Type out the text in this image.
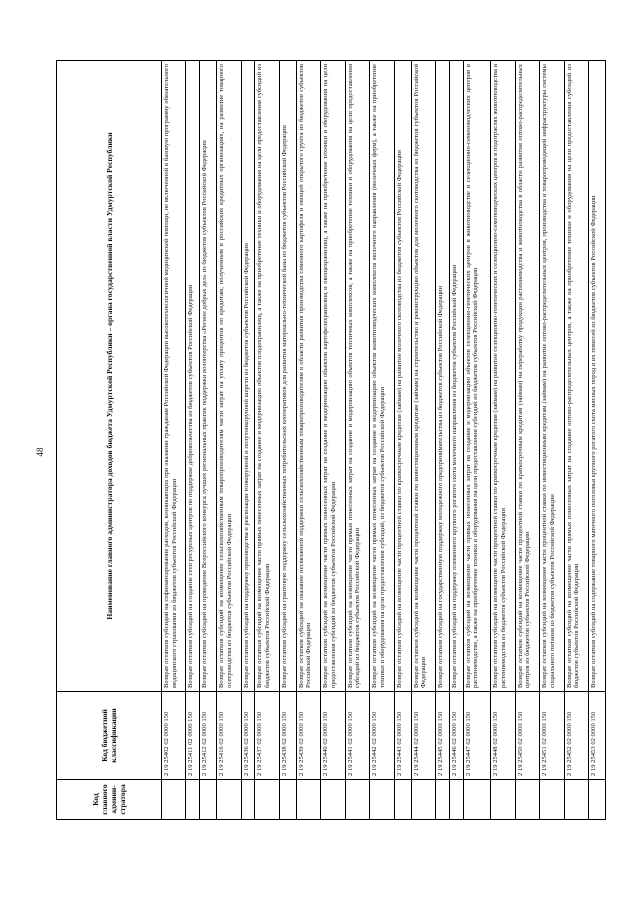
48
Код главного админи-стратора
Код бюджетной классификации
Наименование главного администратора доходов бюджета Удмуртской Республики – органа государственной власти Удмуртской Республики
2 19 25402 02 0000 150
Возврат остатков субсидий на софинансирование расходов, возникающих при оказании гражданам Российской Федерации высокотехнологичной медицинской помощи, не включенной в базовую программу обязательного медицинского страхования из бюджетов субъектов Российской Федерации
2 19 25411 02 0000 150
Возврат остатков субсидий на создание сети ресурсных центров по поддержке добровольчества из бюджетов субъектов Российской Федерации
2 19 25412 02 0000 150
Возврат остатков субсидий на проведение Всероссийского конкурса лучших региональных практик поддержки волонтерства «Регион добрых дел» из бюджетов субъектов Российской Федерации
2 19 25416 02 0000 150
Возврат остатков субсидий на возмещение сельскохозяйственным товаропроизводителям части затрат на уплату процентов по кредитам, полученным в российских кредитных организациях, на развитие товарного осетроводства из бюджетов субъектов Российской Федерации
2 19 25436 02 0000 150
Возврат остатков субсидий на поддержку производства и реализации тонкорунной и полутонкорунной шерсти из бюджетов субъектов Российской Федерации
2 19 25437 02 0000 150
Возврат остатков субсидий на возмещение части прямых понесенных затрат на создание и модернизацию объектов плодохранилищ, а также на приобретение техники и оборудования на цели предоставления субсидий из бюджетов субъектов Российской Федерации
2 19 25438 02 0000 150
Возврат остатков субсидий на грантовую поддержку сельскохозяйственных потребительских кооперативов для развития материально-технической базы из бюджетов субъектов Российской Федерации
2 19 25439 02 0000 150
Возврат остатков субсидий на оказание несвязанной поддержки сельскохозяйственным товаропроизводителям в области развития производства семенного картофеля и овощей открытого грунта из бюджетов субъектов Российской Федерации
2 19 25440 02 0000 150
Возврат остатков субсидий на возмещение части прямых понесенных затрат на создание и модернизацию объектов картофелехранилищ и овощехранилищ, а также на приобретение техники и оборудования на цели предоставления субсидий из бюджетов субъектов Российской Федерации
2 19 25441 02 0000 150
Возврат остатков субсидий на возмещение части прямых понесенных затрат на создание и модернизацию объектов тепличных комплексов, а также на приобретение техники и оборудования на цели предоставления субсидий из бюджетов субъектов Российской Федерации
2 19 25442 02 0000 150
Возврат остатков субсидий на возмещение части прямых понесенных затрат на создание и модернизацию объектов животноводческих комплексов молочного направления (молочных ферм), а также на приобретение техники и оборудования на цели предоставления субсидий, из бюджетов субъектов Российской Федерации
2 19 25443 02 0000 150
Возврат остатков субсидий на возмещение части процентной ставки по краткосрочным кредитам (займам) на развитие молочного скотоводства из бюджетов субъектов Российской Федерации
2 19 25444 02 0000 150
Возврат остатков субсидий на возмещение части процентной ставки по инвестиционным кредитам (займам) на строительство и реконструкцию объектов для молочного скотоводства из бюджетов субъектов Российской Федерации
2 19 25445 02 0000 150
Возврат остатков субсидий на государственную поддержку молодежного предпринимательства из бюджетов субъектов Российской Федерации
2 19 25446 02 0000 150
Возврат остатков субсидий на поддержку племенного крупного рогатого скота молочного направления из бюджетов субъектов Российской Федерации
2 19 25447 02 0000 150
Возврат остатков субсидий на возмещение части прямых понесенных затрат на создание и модернизацию объектов селекционно-генетических центров в животноводстве и селекционно-семеноводческих центров в растениеводстве, а также на приобретение техники и оборудования на цели предоставления субсидий из бюджетов субъектов Российской Федерации
2 19 25448 02 0000 150
Возврат остатков субсидий на возмещение части процентной ставки по краткосрочным кредитам (займам) на развитие селекционно-генетических и селекционно-семеноводческих центров в подотраслях животноводства и растениеводства из бюджетов субъектов Российской Федерации
2 19 25450 02 0000 150
Возврат остатков субсидий на возмещение части процентной ставки по краткосрочным кредитам (займам) на переработку продукции растениеводства и животноводства в области развития оптово-распределительных центров из бюджетов субъектов Российской Федерации
2 19 25451 02 0000 150
Возврат остатков субсидий на возмещение части процентной ставки по инвестиционным кредитам (займам) на развитие оптово-распределительных центров, производства и товаропроводящей инфраструктуры системы социального питания из бюджетов субъектов Российской Федерации
2 19 25452 02 0000 150
Возврат остатков субсидий на возмещение части прямых понесенных затрат на создание оптово-распределительных центров, а также на приобретение техники и оборудования на цели предоставления субсидий из бюджетов субъектов Российской Федерации
2 19 25453 02 0000 150
Возврат остатков субсидий на содержание товарного маточного поголовья крупного рогатого скота мясных пород и их помесей из бюджетов субъектов Российской Федерации
